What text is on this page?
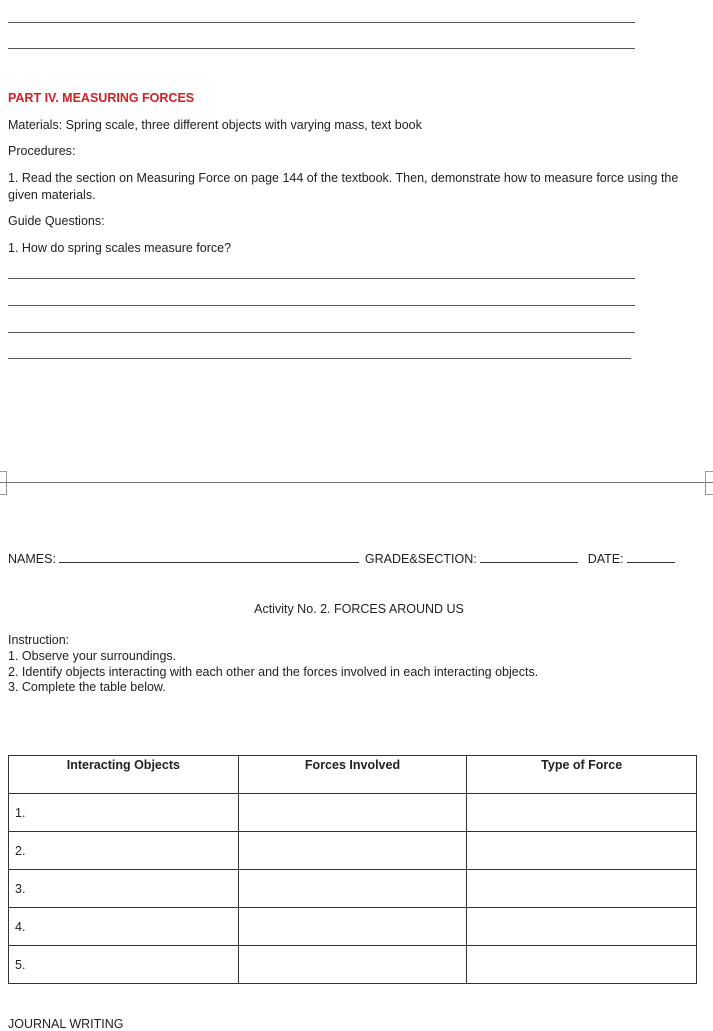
PART IV. MEASURING FORCES
Materials: Spring scale, three different objects with varying mass, text book
Procedures:
1. Read the section on Measuring Force on page 144 of the textbook. Then, demonstrate how to measure force using the given materials.
Guide Questions:
1. How do spring scales measure force?
NAMES:	GRADE&SECTION:	DATE:
Activity No. 2. FORCES AROUND US
Instruction:
1. Observe your surroundings.
2. Identify objects interacting with each other and the forces involved in each interacting objects.
3. Complete the table below.
Interacting Objects	Forces Involved	Type of Force
1.		
2.		
3.		
4.		
5.		
JOURNAL WRITING
